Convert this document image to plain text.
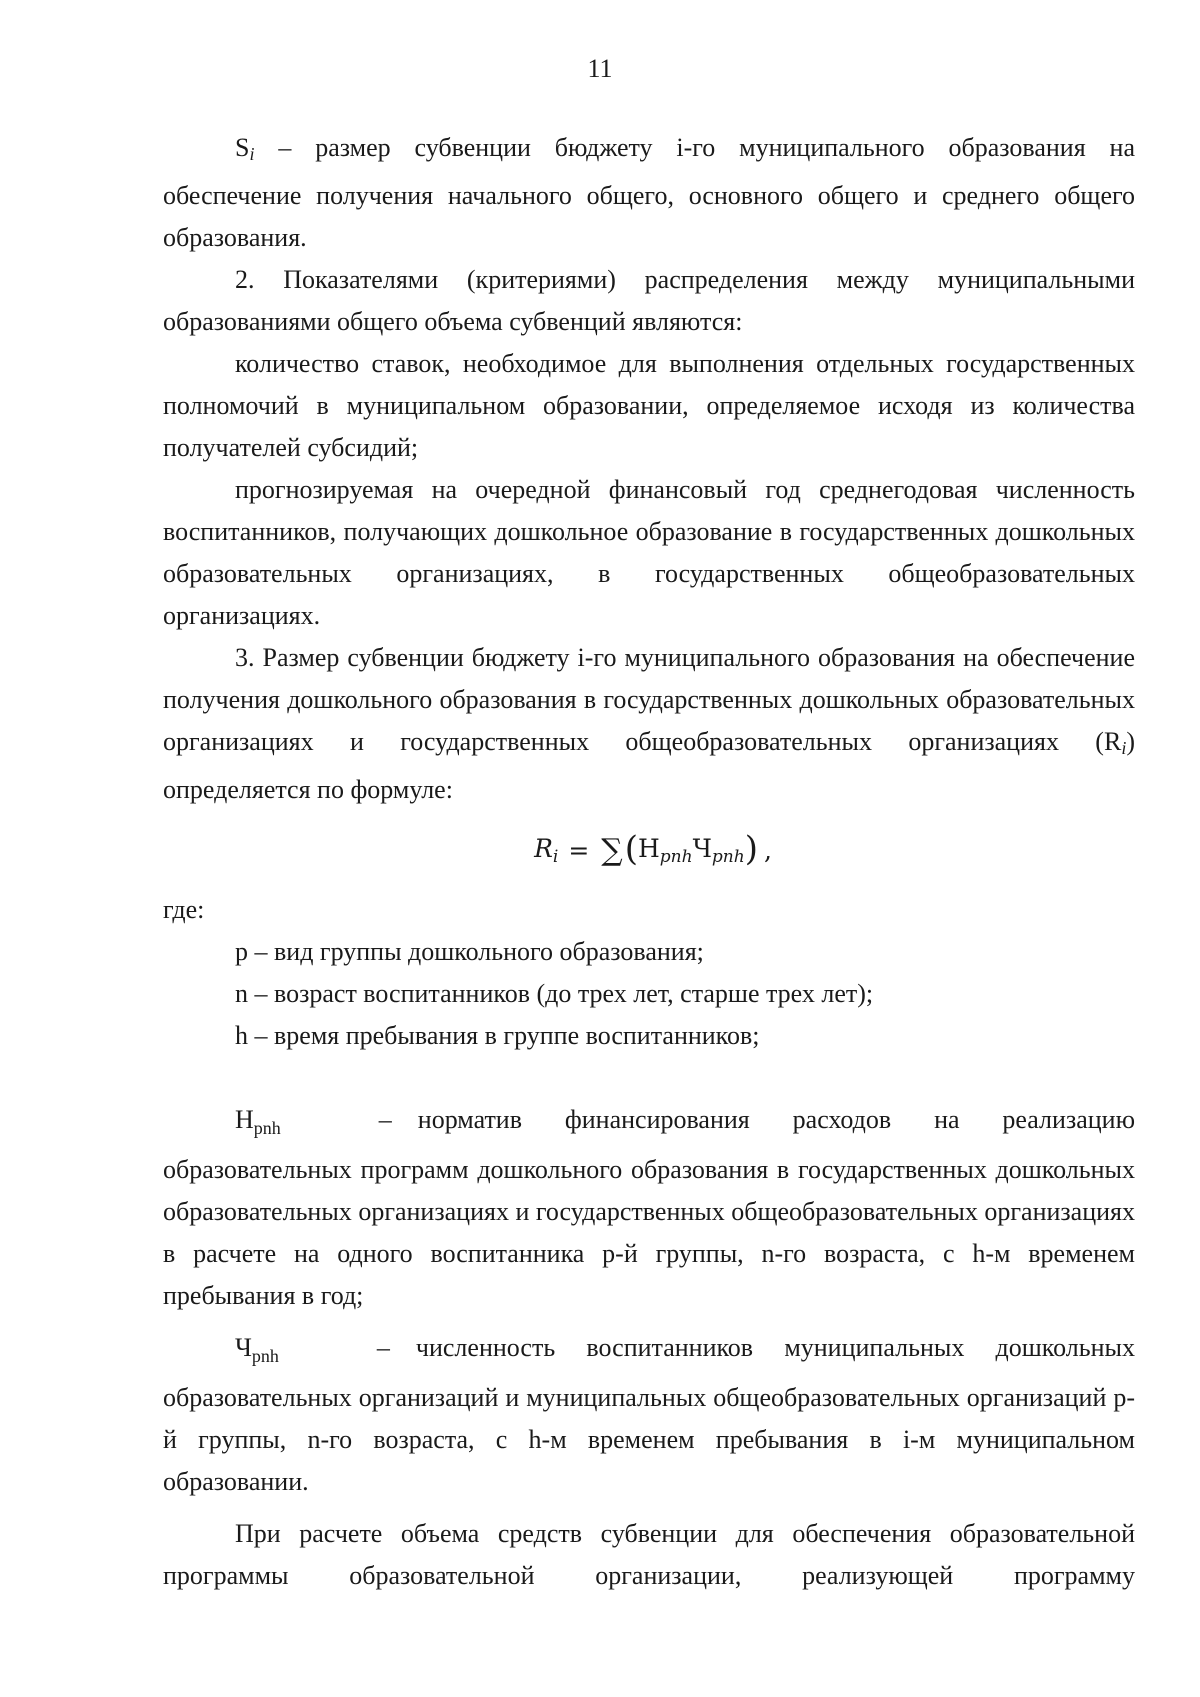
11

Si – размер субвенции бюджету i-го муниципального образования на обеспечение получения начального общего, основного общего и среднего общего образования.

2. Показателями (критериями) распределения между муниципальными образованиями общего объема субвенций являются:

количество ставок, необходимое для выполнения отдельных государственных полномочий в муниципальном образовании, определяемое исходя из количества получателей субсидий;

прогнозируемая на очередной финансовый год среднегодовая численность воспитанников, получающих дошкольное образование в государственных дошкольных образовательных организациях, в государственных общеобразовательных организациях.

3. Размер субвенции бюджету i-го муниципального образования на обеспечение получения дошкольного образования в государственных дошкольных образовательных организациях и государственных общеобразовательных организациях (Ri) определяется по формуле:

$R_i$ = ∑ ( $Н_{pnh}$ $Ч_{pnh}$ ) ,

где:

p – вид группы дошкольного образования;

n – возраст воспитанников (до трех лет, старше трех лет);

h – время пребывания в группе воспитанников;

$Н_{pnh}$	– норматив финансирования расходов на реализацию образовательных программ дошкольного образования в государственных дошкольных образовательных организациях и государственных общеобразовательных организациях в расчете на одного воспитанника p-й группы, n-го возраста, с h-м временем пребывания в год;

$Ч_{pnh}$	– численность воспитанников муниципальных дошкольных образовательных организаций и муниципальных общеобразовательных организаций p-й группы, n-го возраста, с h-м временем пребывания в i-м муниципальном образовании.

При расчете объема средств субвенции для обеспечения образовательной программы образовательной организации, реализующей программу
